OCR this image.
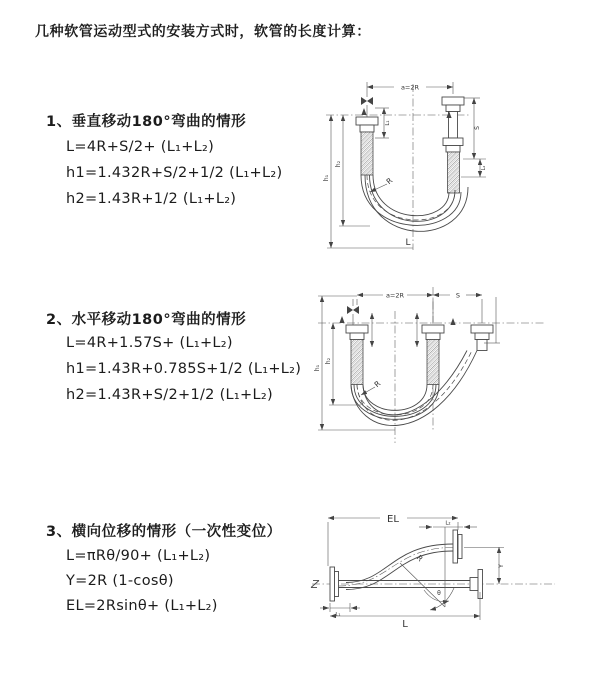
几种软管运动型式的安装方式时，软管的长度计算：
1、垂直移动180°弯曲的情形
L=4R+S/2+ (L₁+L₂)
h1=1.432R+S/2+1/2 (L₁+L₂)
h2=1.43R+1/2 (L₁+L₂)
2、水平移动180°弯曲的情形
L=4R+1.57S+ (L₁+L₂)
h1=1.43R+0.785S+1/2 (L₁+L₂)
h2=1.43R+S/2+1/2 (L₁+L₂)
3、横向位移的情形（一次性变位）
L=πRθ/90+ (L₁+L₂)
Y=2R (1-cosθ)
EL=2Rsinθ+ (L₁+L₂)
a=2R
h₁
h₂
L₁
S
L₂
R
L
a=2R	S
h₁
h₂
R
EL	L₂
Y
R
θ
L₁
L
